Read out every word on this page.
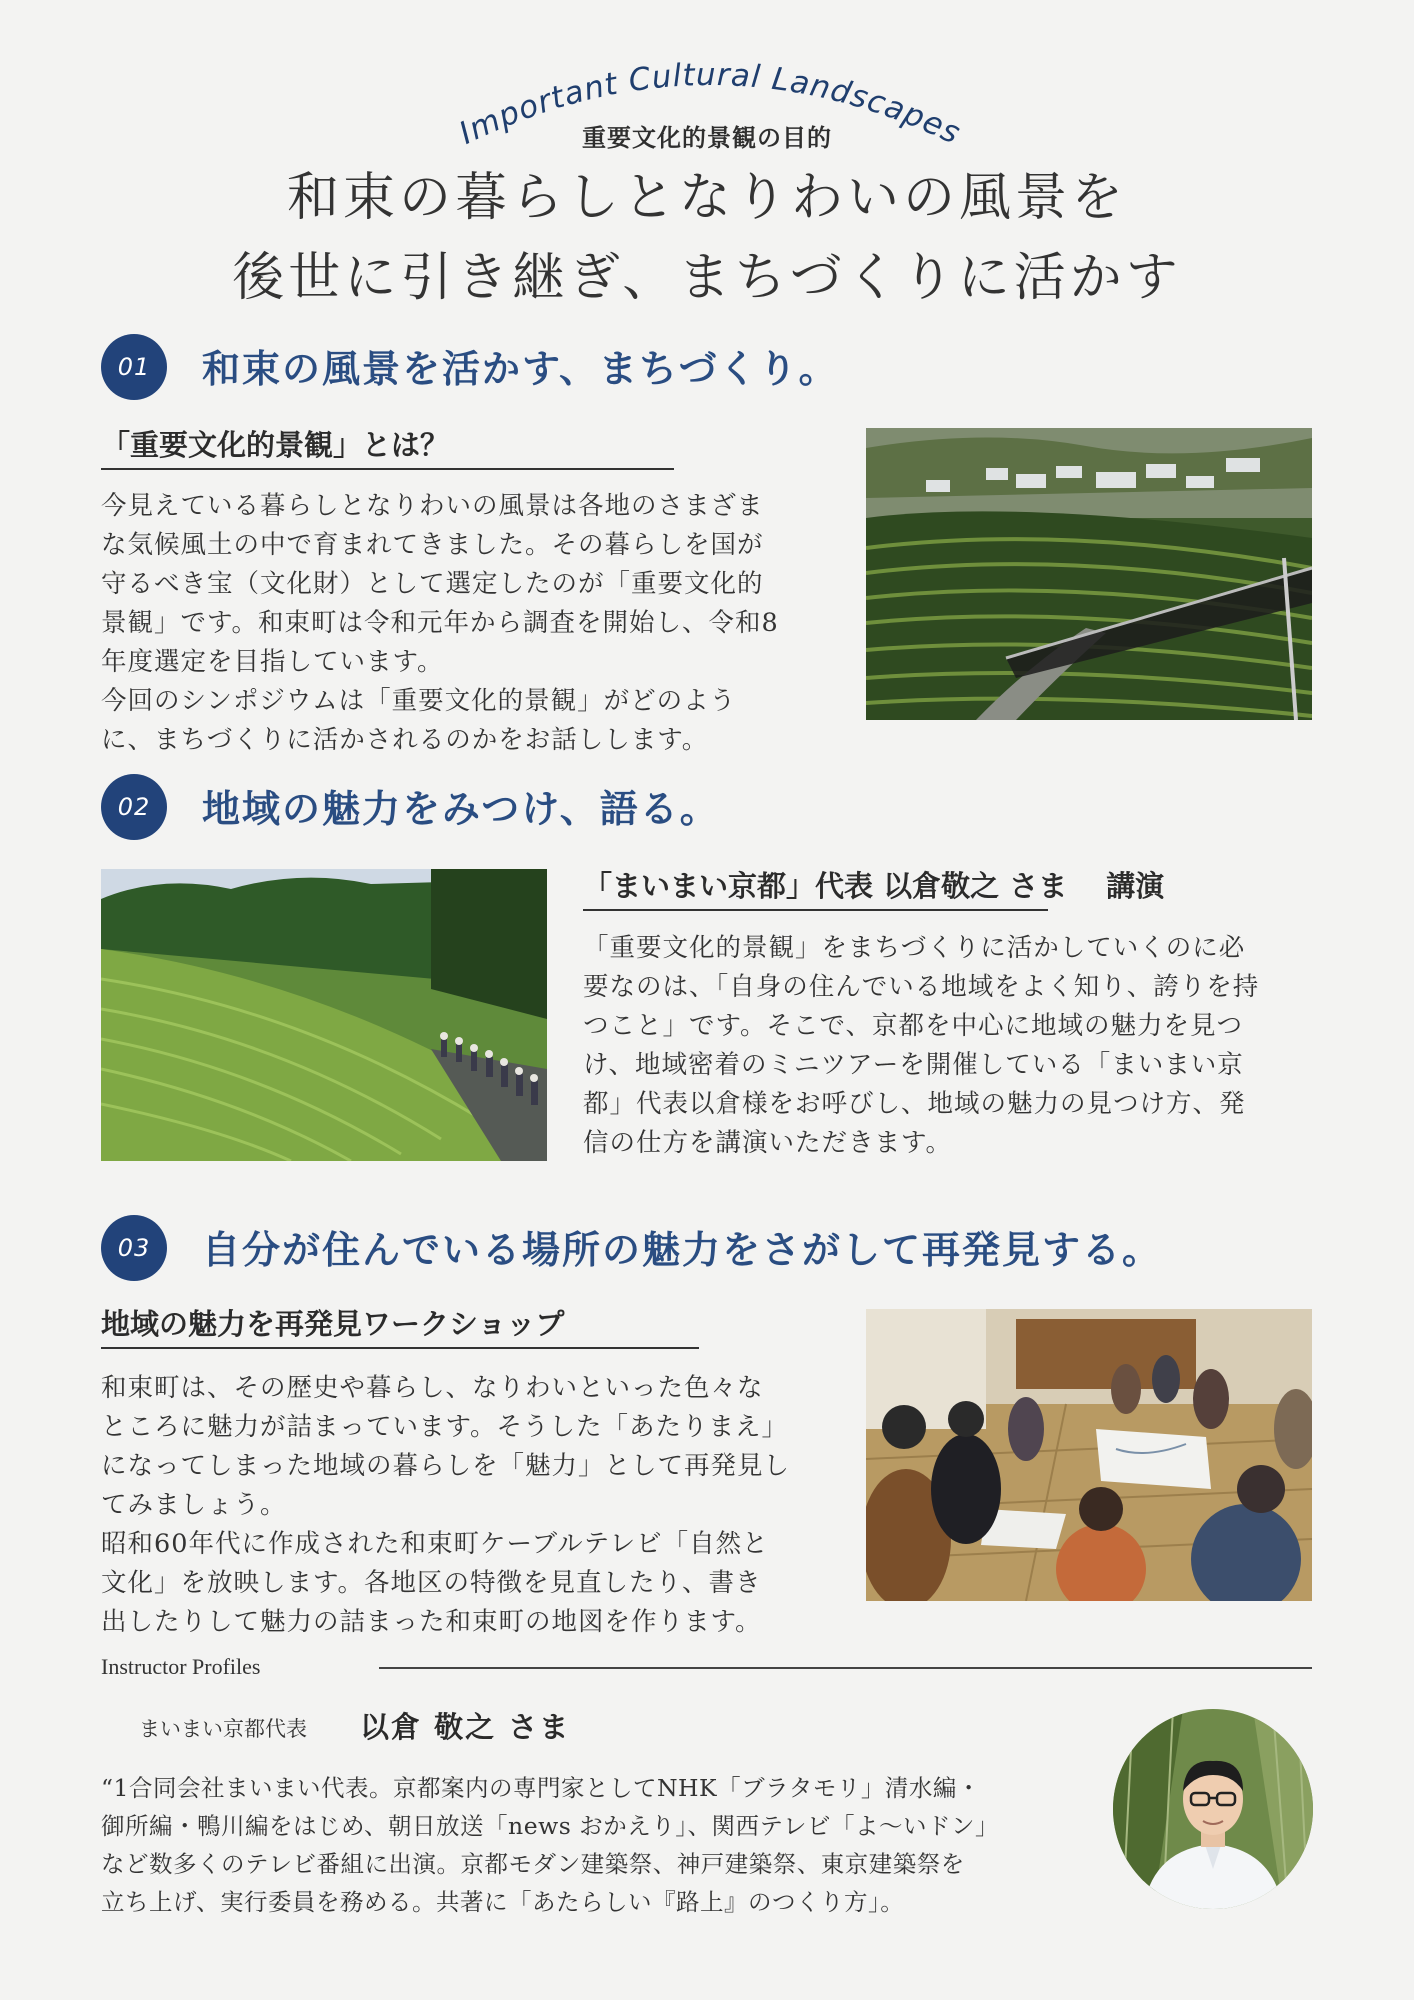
Important Cultural Landscapes
重要文化的景観の目的
和束の暮らしとなりわいの風景を
後世に引き継ぎ、まちづくりに活かす
01	和束の風景を活かす、まちづくり。
「重要文化的景観」とは？

今見えている暮らしとなりわいの風景は各地のさまざま

な気候風土の中で育まれてきました。その暮らしを国が

守るべき宝（文化財）として選定したのが「重要文化的

景観」です。和束町は令和元年から調査を開始し、令和8

年度選定を目指しています。

今回のシンポジウムは「重要文化的景観」がどのよう

に、まちづくりに活かされるのかをお話しします。

02	地域の魅力をみつけ、語る。
「まいまい京都」代表 以倉敬之 さま　 講演

「重要文化的景観」をまちづくりに活かしていくのに必

要なのは、「自身の住んでいる地域をよく知り、誇りを持

つこと」です。そこで、京都を中心に地域の魅力を見つ

け、地域密着のミニツアーを開催している「まいまい京

都」代表以倉様をお呼びし、地域の魅力の見つけ方、発

信の仕方を講演いただきます。

03	自分が住んでいる場所の魅力をさがして再発見する。
地域の魅力を再発見ワークショップ

和束町は、その歴史や暮らし、なりわいといった色々な

ところに魅力が詰まっています。そうした「あたりまえ」

になってしまった地域の暮らしを「魅力」として再発見し

てみましょう。

昭和60年代に作成された和束町ケーブルテレビ「自然と

文化」を放映します。各地区の特徴を見直したり、書き

出したりして魅力の詰まった和束町の地図を作ります。

Instructor Profiles
まいまい京都代表 以倉 敬之 さま

“1合同会社まいまい代表。京都案内の専門家としてNHK「ブラタモリ」清水編・

御所編・鴨川編をはじめ、朝日放送「news おかえり」、関西テレビ「よ～いドン」

など数多くのテレビ番組に出演。京都モダン建築祭、神戸建築祭、東京建築祭を

立ち上げ、実行委員を務める。共著に「あたらしい『路上』のつくり方」。
